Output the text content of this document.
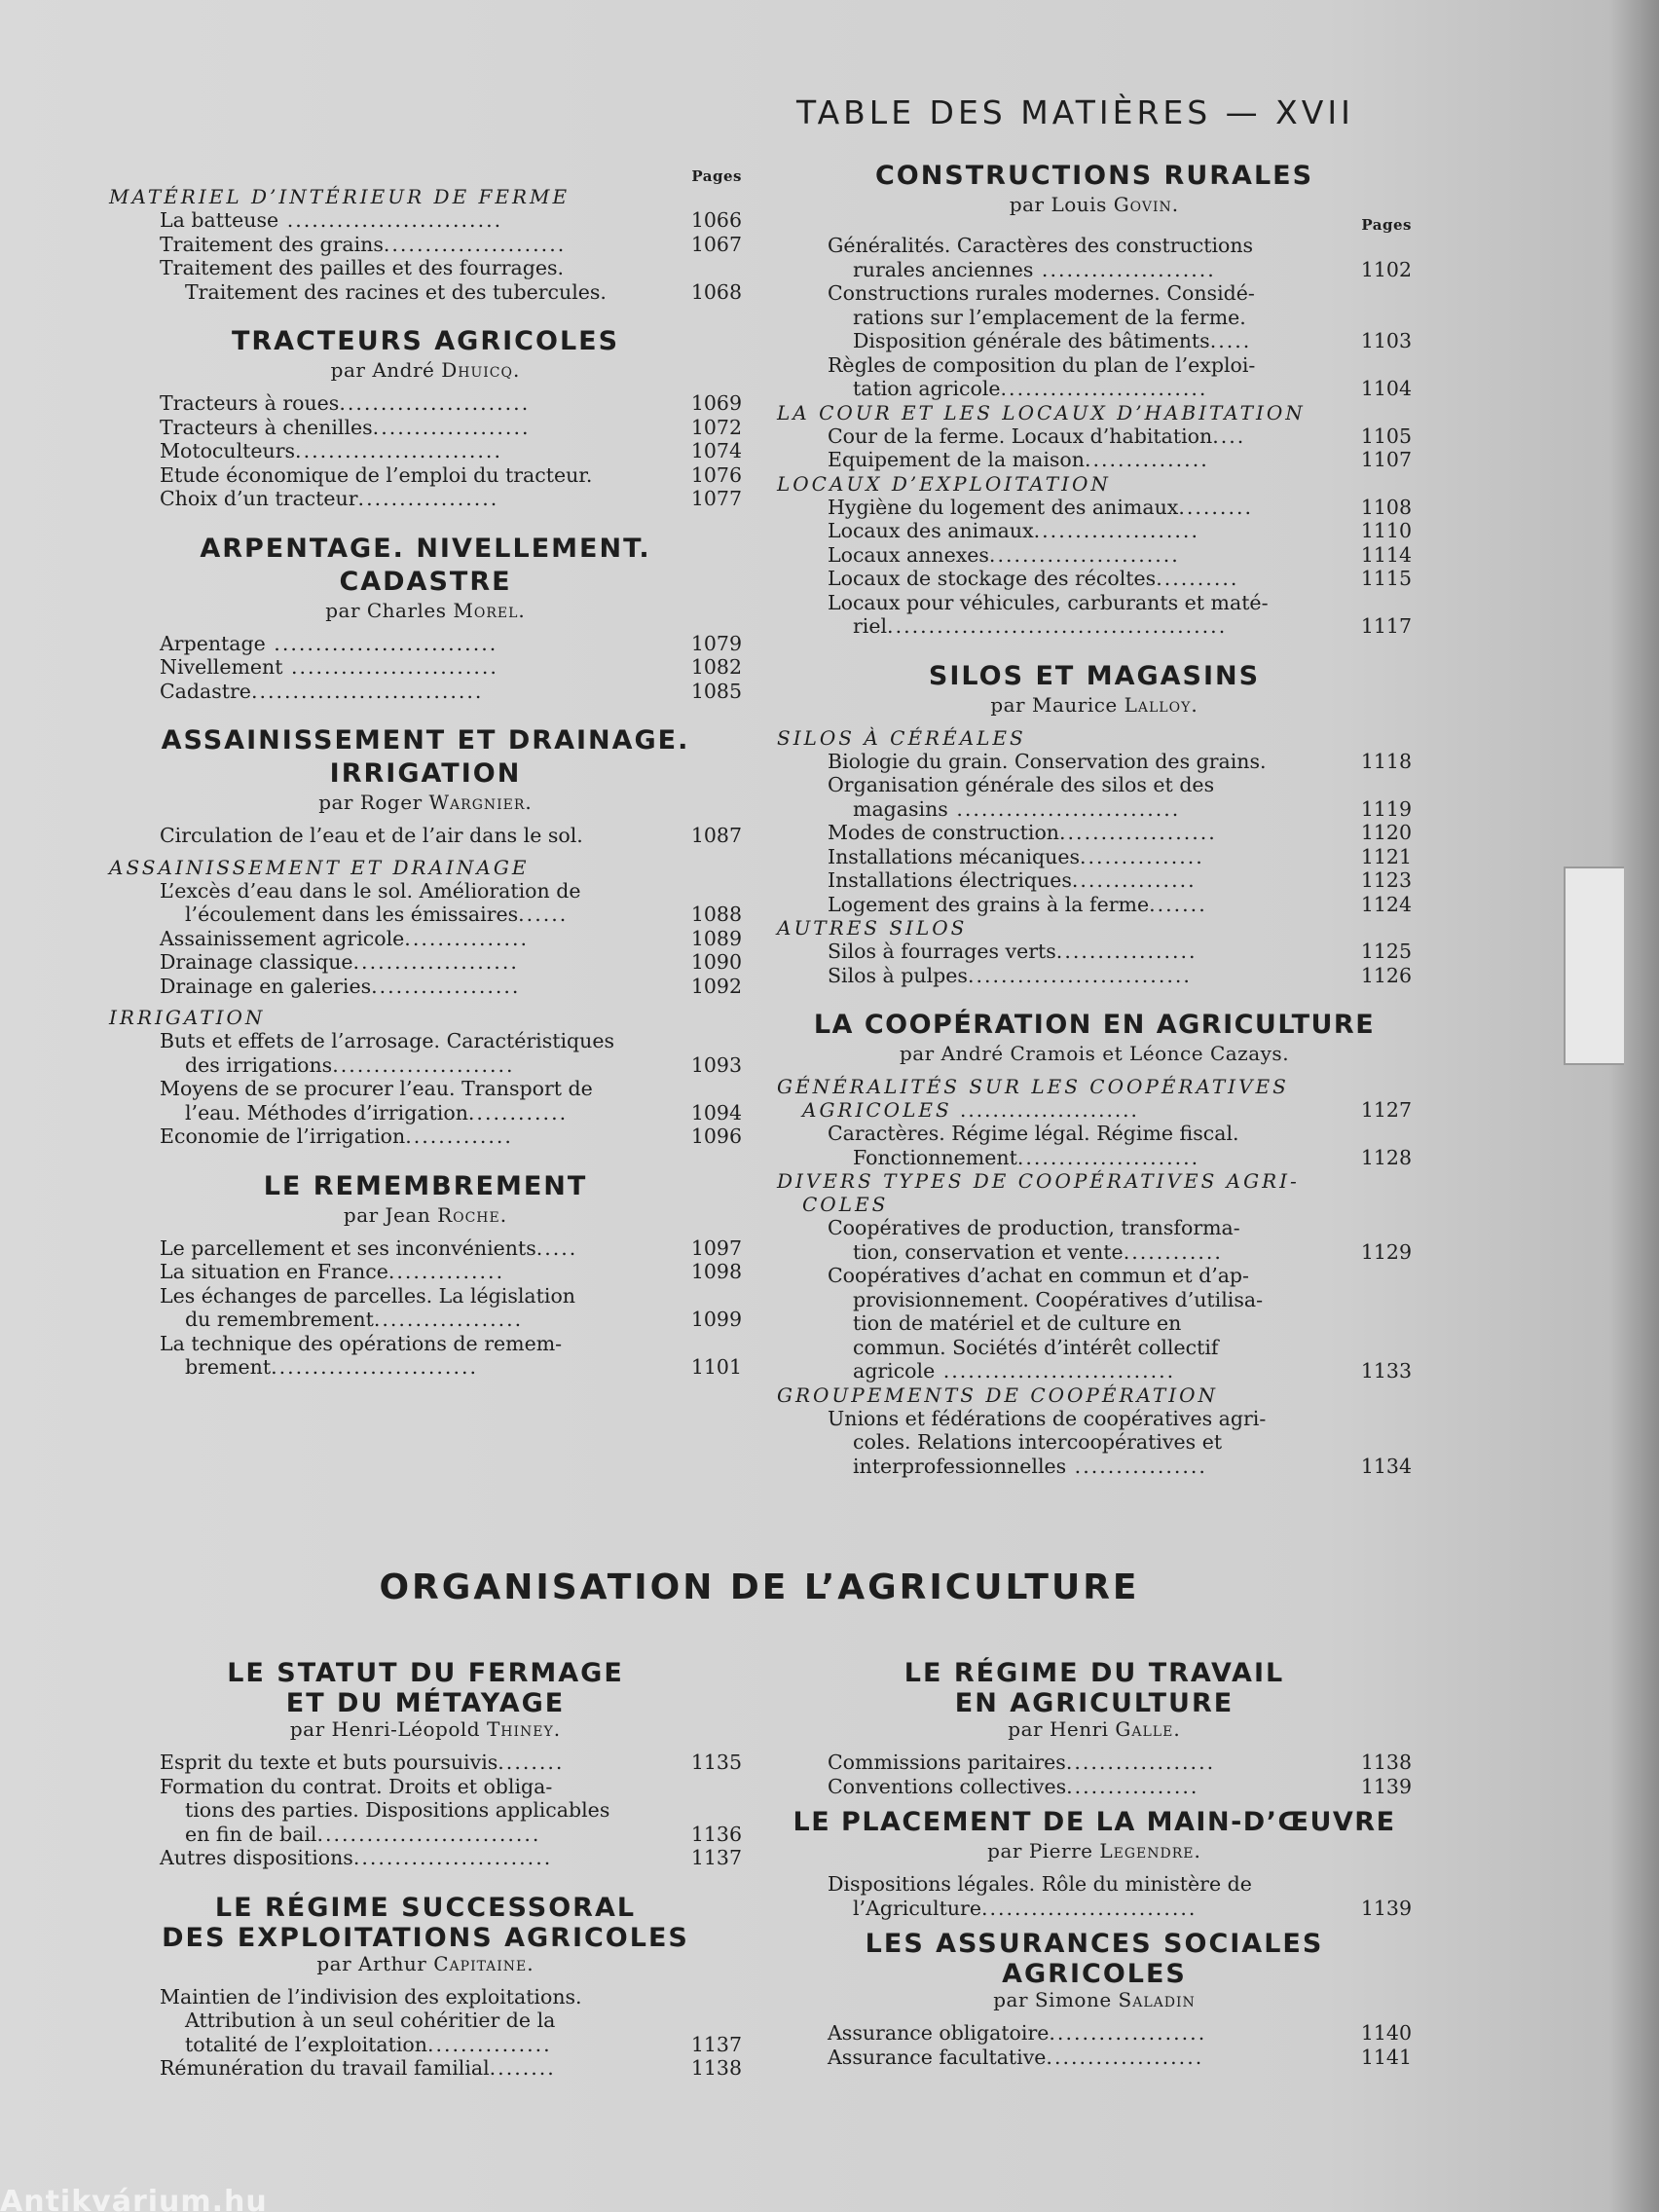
TABLE DES MATIÈRES — XVII
Pages
MATÉRIEL D’INTÉRIEUR DE FERME
La batteuse ..........................	1066
Traitement des grains......................	1067
Traitement des pailles et des fourrages.
Traitement des racines et des tubercules.	1068
TRACTEURS AGRICOLES
par André Dhuicq.
Tracteurs à roues.......................	1069
Tracteurs à chenilles...................	1072
Motoculteurs.........................	1074
Etude économique de l’emploi du tracteur.	1076
Choix d’un tracteur.................	1077
ARPENTAGE. NIVELLEMENT.
CADASTRE
par Charles Morel.
Arpentage ...........................	1079
Nivellement .........................	1082
Cadastre............................	1085
ASSAINISSEMENT ET DRAINAGE.
IRRIGATION
par Roger Wargnier.
Circulation de l’eau et de l’air dans le sol.	1087
ASSAINISSEMENT ET DRAINAGE
L’excès d’eau dans le sol. Amélioration de
l’écoulement dans les émissaires......	1088
Assainissement agricole...............	1089
Drainage classique....................	1090
Drainage en galeries..................	1092
IRRIGATION
Buts et effets de l’arrosage. Caractéristiques
des irrigations......................	1093
Moyens de se procurer l’eau. Transport de
l’eau. Méthodes d’irrigation............	1094
Economie de l’irrigation.............	1096
LE REMEMBREMENT
par Jean Roche.
Le parcellement et ses inconvénients.....	1097
La situation en France..............	1098
Les échanges de parcelles. La législation
du remembrement..................	1099
La technique des opérations de remem-
brement.........................	1101
CONSTRUCTIONS RURALES
par Louis Govin.
Pages
Généralités. Caractères des constructions
rurales anciennes .....................	1102
Constructions rurales modernes. Considé-
rations sur l’emplacement de la ferme.
Disposition générale des bâtiments.....	1103
Règles de composition du plan de l’exploi-
tation agricole.........................	1104
LA COUR ET LES LOCAUX D’HABITATION
Cour de la ferme. Locaux d’habitation....	1105
Equipement de la maison...............	1107
LOCAUX D’EXPLOITATION
Hygiène du logement des animaux.........	1108
Locaux des animaux....................	1110
Locaux annexes.......................	1114
Locaux de stockage des récoltes..........	1115
Locaux pour véhicules, carburants et maté-
riel.........................................	1117
SILOS ET MAGASINS
par Maurice Lalloy.
SILOS À CÉRÉALES
Biologie du grain. Conservation des grains.	1118
Organisation générale des silos et des
magasins ...........................	1119
Modes de construction...................	1120
Installations mécaniques...............	1121
Installations électriques...............	1123
Logement des grains à la ferme.......	1124
AUTRES SILOS
Silos à fourrages verts.................	1125
Silos à pulpes...........................	1126
LA COOPÉRATION EN AGRICULTURE
par André Cramois et Léonce Cazays.
GÉNÉRALITÉS SUR LES COOPÉRATIVES
AGRICOLES ......................	1127
Caractères. Régime légal. Régime fiscal.
Fonctionnement......................	1128
DIVERS TYPES DE COOPÉRATIVES AGRI-
COLES
Coopératives de production, transforma-
tion, conservation et vente............	1129
Coopératives d’achat en commun et d’ap-
provisionnement. Coopératives d’utilisa-
tion de matériel et de culture en
commun. Sociétés d’intérêt collectif
agricole ............................	1133
GROUPEMENTS DE COOPÉRATION
Unions et fédérations de coopératives agri-
coles. Relations intercoopératives et
interprofessionnelles ................	1134
ORGANISATION DE L’AGRICULTURE
LE STATUT DU FERMAGE
ET DU MÉTAYAGE
par Henri-Léopold Thiney.
Esprit du texte et buts poursuivis........	1135
Formation du contrat. Droits et obliga-
tions des parties. Dispositions applicables
en fin de bail...........................	1136
Autres dispositions........................	1137
LE RÉGIME SUCCESSORAL
DES EXPLOITATIONS AGRICOLES
par Arthur Capitaine.
Maintien de l’indivision des exploitations.
Attribution à un seul cohéritier de la
totalité de l’exploitation...............	1137
Rémunération du travail familial........	1138
LE RÉGIME DU TRAVAIL
EN AGRICULTURE
par Henri Galle.
Commissions paritaires..................	1138
Conventions collectives................	1139
LE PLACEMENT DE LA MAIN-D’ŒUVRE
par Pierre Legendre.
Dispositions légales. Rôle du ministère de
l’Agriculture..........................	1139
LES ASSURANCES SOCIALES
AGRICOLES
par Simone Saladin
Assurance obligatoire...................	1140
Assurance facultative...................	1141
Antikvárium.hu
